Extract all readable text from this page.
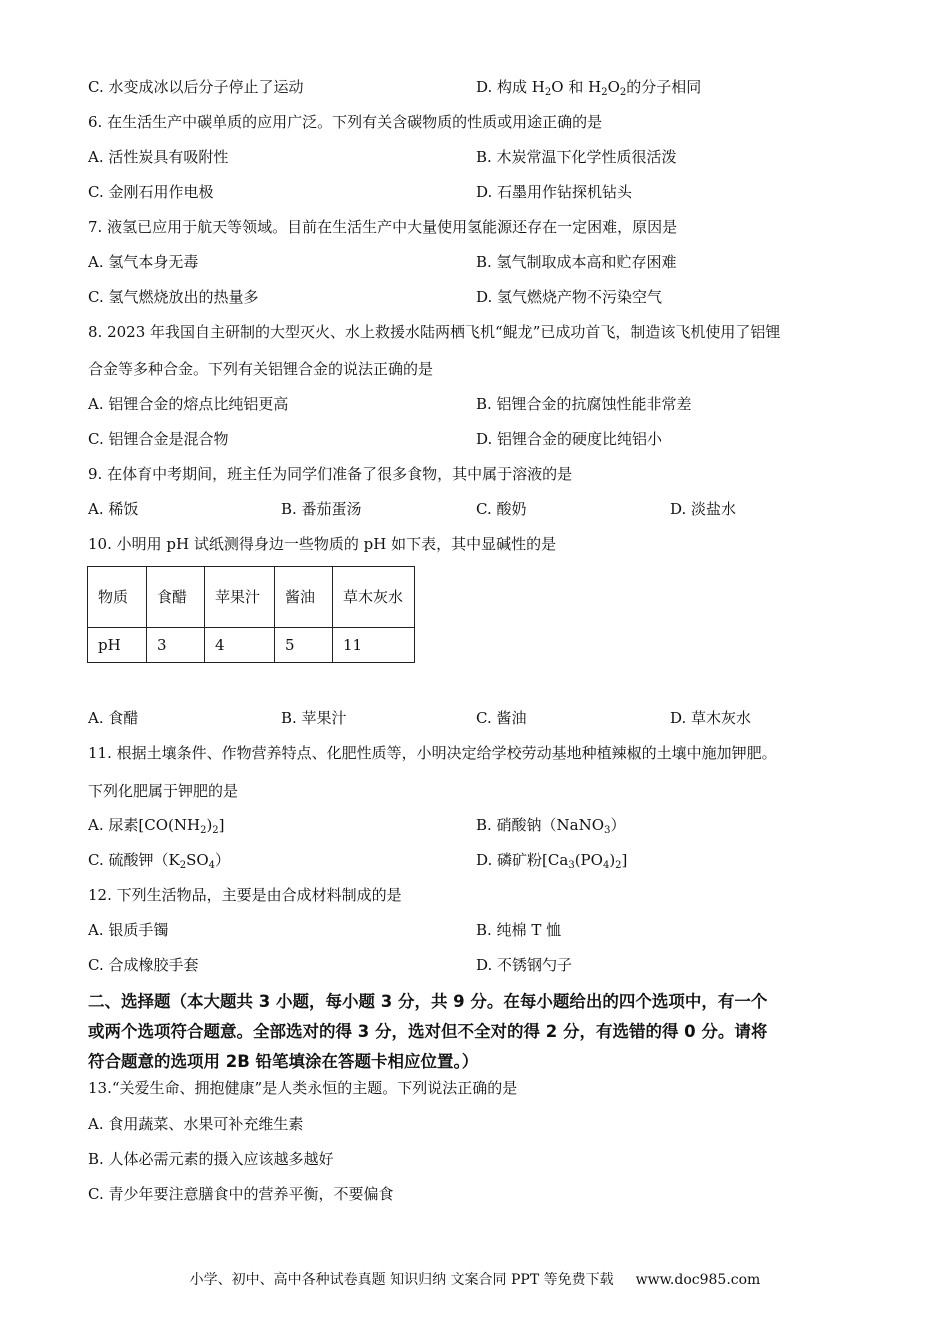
C. 水变成冰以后分子停止了运动	D. 构成 $H_2O$ 和 $H_2O_2$的分子相同
6. 在生活生产中碳单质的应用广泛。下列有关含碳物质的性质或用途正确的是
A. 活性炭具有吸附性	B. 木炭常温下化学性质很活泼
C. 金刚石用作电极	D. 石墨用作钻探机钻头
7. 液氢已应用于航天等领域。目前在生活生产中大量使用氢能源还存在一定困难，原因是
A. 氢气本身无毒	B. 氢气制取成本高和贮存困难
C. 氢气燃烧放出的热量多	D. 氢气燃烧产物不污染空气
8. 2023 年我国自主研制的大型灭火、水上救援水陆两栖飞机“鲲龙”已成功首飞，制造该飞机使用了铝锂
合金等多种合金。下列有关铝锂合金的说法正确的是
A. 铝锂合金的熔点比纯铝更高	B. 铝锂合金的抗腐蚀性能非常差
C. 铝锂合金是混合物	D. 铝锂合金的硬度比纯铝小
9. 在体育中考期间，班主任为同学们准备了很多食物，其中属于溶液的是
A. 稀饭	B. 番茄蛋汤	C. 酸奶	D. 淡盐水
10. 小明用 pH 试纸测得身边一些物质的 pH 如下表，其中显碱性的是
物质	食醋	苹果汁	酱油	草木灰水
pH	3	4	5	11
A. 食醋	B. 苹果汁	C. 酱油	D. 草木灰水
11. 根据土壤条件、作物营养特点、化肥性质等，小明决定给学校劳动基地种植辣椒的土壤中施加钾肥。
下列化肥属于钾肥的是
A. 尿素$[CO(NH_2)_2]$	B. 硝酸钠（NaNO$_3$）
C. 硫酸钾$(K_2SO_4)$	D. 磷矿粉$[Ca_3(PO_4)_2]$
12. 下列生活物品，主要是由合成材料制成的是
A. 银质手镯	B. 纯棉 T 恤
C. 合成橡胶手套	D. 不锈钢勺子

二、选择题（本大题共 3 小题，每小题 3 分，共 9 分。在每小题给出的四个选项中，有一个

或两个选项符合题意。全部选对的得 3 分，选对但不全对的得 2 分，有选错的得 0 分。请将

符合题意的选项用 2B 铅笔填涂在答题卡相应位置。）

13.“关爱生命、拥抱健康”是人类永恒的主题。下列说法正确的是
A. 食用蔬菜、水果可补充维生素
B. 人体必需元素的摄入应该越多越好
C. 青少年要注意膳食中的营养平衡，不要偏食
小学、初中、高中各种试卷真题 知识归纳 文案合同 PPT 等免费下载 www.doc985.com
